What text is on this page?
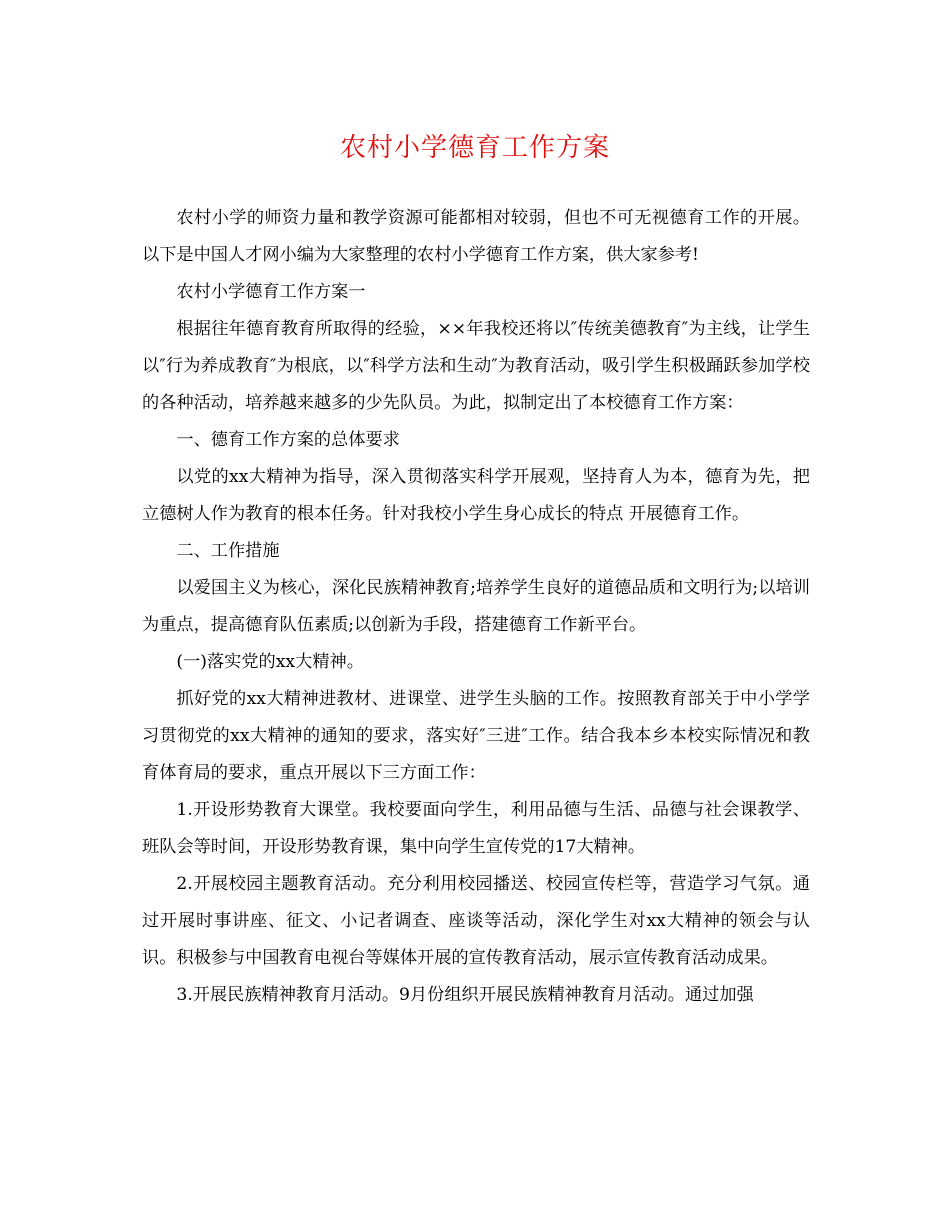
农村小学德育工作方案

农村小学的师资力量和教学资源可能都相对较弱，但也不可无视德育工作的开展。以下是中国人才网小编为大家整理的农村小学德育工作方案，供大家参考!

农村小学德育工作方案一

根据往年德育教育所取得的经验，××年我校还将以″传统美德教育″为主线，让学生以″行为养成教育″为根底，以″科学方法和生动″为教育活动，吸引学生积极踊跃参加学校的各种活动，培养越来越多的少先队员。为此，拟制定出了本校德育工作方案：

一、德育工作方案的总体要求

以党的xx大精神为指导，深入贯彻落实科学开展观，坚持育人为本，德育为先，把立德树人作为教育的根本任务。针对我校小学生身心成长的特点 开展德育工作。

二、工作措施

以爱国主义为核心，深化民族精神教育;培养学生良好的道德品质和文明行为;以培训为重点，提高德育队伍素质;以创新为手段，搭建德育工作新平台。

(一)落实党的xx大精神。

抓好党的xx大精神进教材、进课堂、进学生头脑的工作。按照教育部关于中小学学习贯彻党的xx大精神的通知的要求，落实好″三进″工作。结合我本乡本校实际情况和教育体育局的要求，重点开展以下三方面工作：

1.开设形势教育大课堂。我校要面向学生，利用品德与生活、品德与社会课教学、班队会等时间，开设形势教育课，集中向学生宣传党的17大精神。

2.开展校园主题教育活动。充分利用校园播送、校园宣传栏等，营造学习气氛。通过开展时事讲座、征文、小记者调查、座谈等活动，深化学生对xx大精神的领会与认识。积极参与中国教育电视台等媒体开展的宣传教育活动，展示宣传教育活动成果。

3.开展民族精神教育月活动。9月份组织开展民族精神教育月活动。通过加强
